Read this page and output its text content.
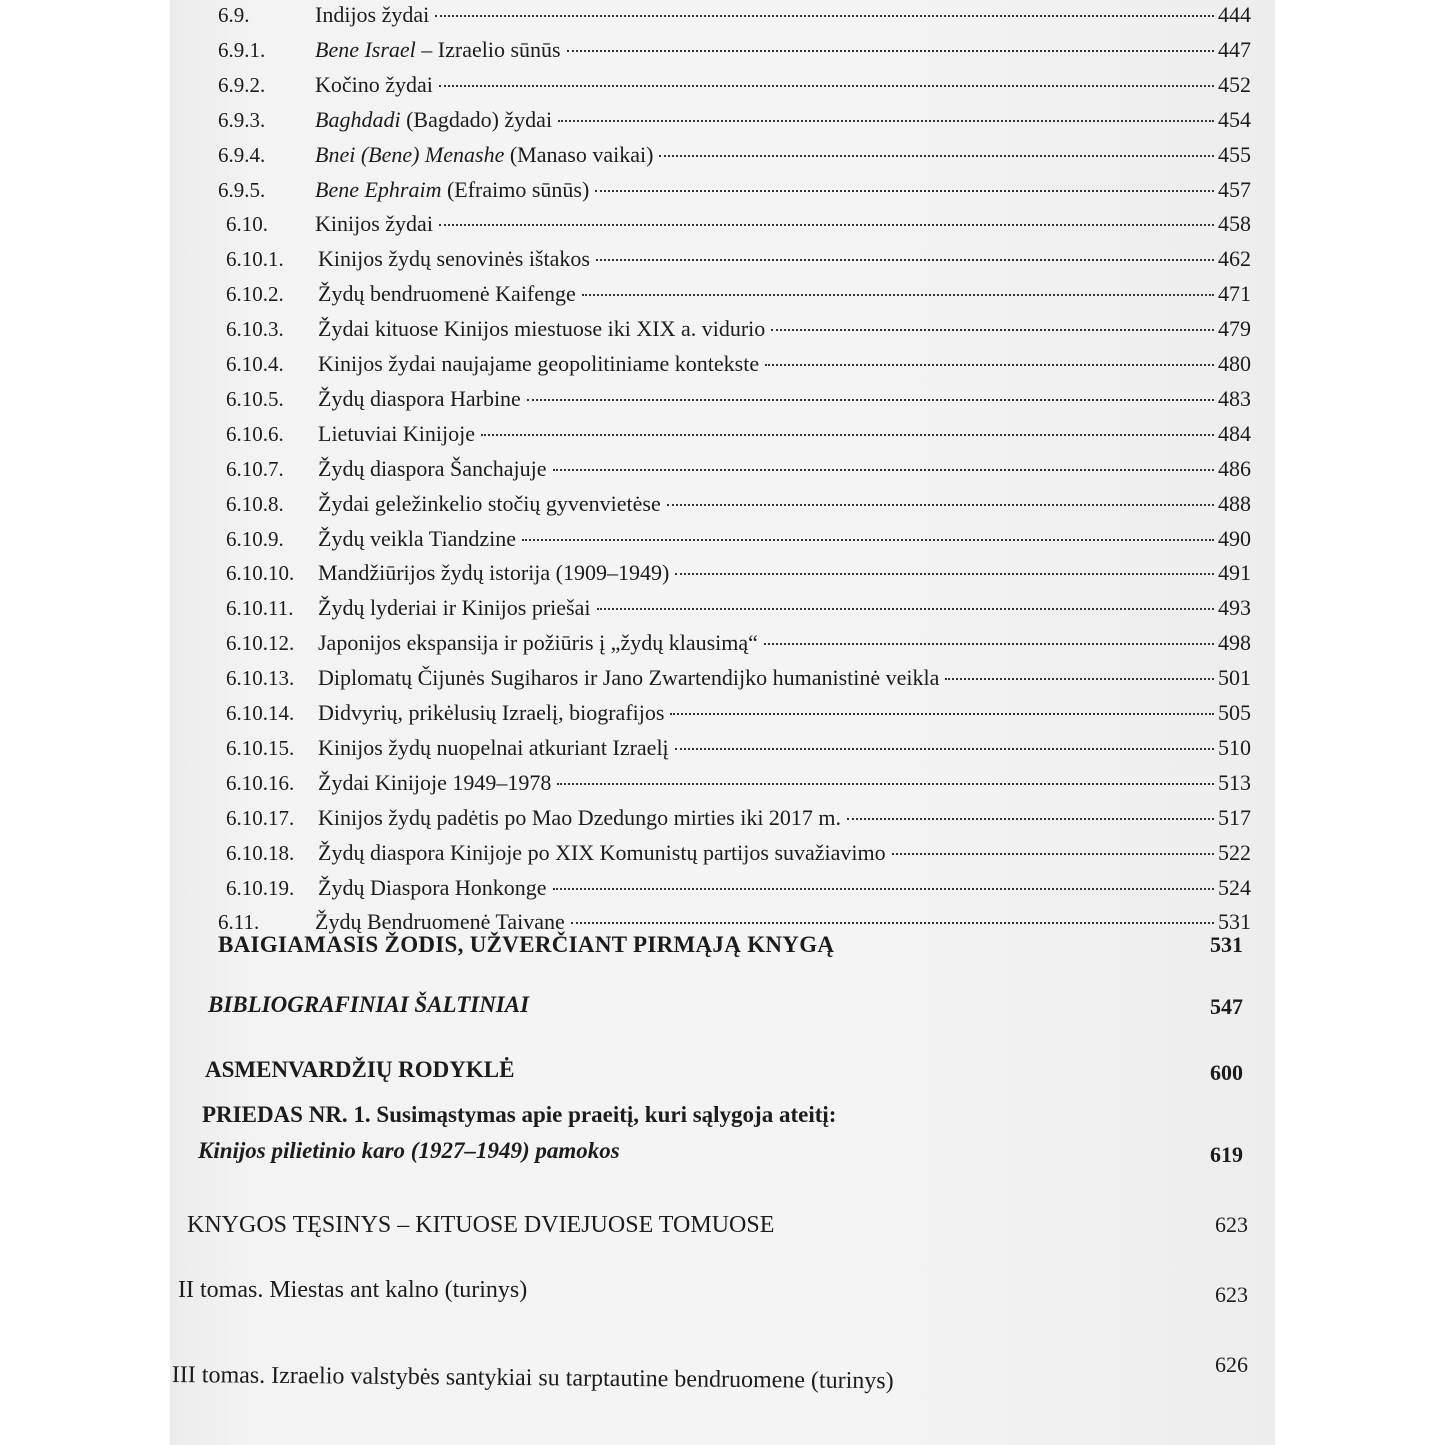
6.9.	Indijos žydai	444
6.9.1. Bene Israel – Izraelio sūnūs	447
6.9.2. Kočino žydai	452
6.9.3. Baghdadi (Bagdado) žydai	454
6.9.4. Bnei (Bene) Menashe (Manaso vaikai)	455
6.9.5. Bene Ephraim (Efraimo sūnūs)	457
6.10. Kinijos žydai	458
6.10.1. Kinijos žydų senovinės ištakos	462
6.10.2. Žydų bendruomenė Kaifenge	471
6.10.3. Žydai kituose Kinijos miestuose iki XIX a. vidurio	479
6.10.4. Kinijos žydai naujajame geopolitiniame kontekste	480
6.10.5. Žydų diaspora Harbine	483
6.10.6. Lietuviai Kinijoje	484
6.10.7. Žydų diaspora Šanchajuje	486
6.10.8. Žydai geležinkelio stočių gyvenvietėse	488
6.10.9. Žydų veikla Tiandzine	490
6.10.10. Mandžiūrijos žydų istorija (1909–1949)	491
6.10.11. Žydų lyderiai ir Kinijos priešai	493
6.10.12. Japonijos ekspansija ir požiūris į „žydų klausimą“	498
6.10.13. Diplomatų Čijunės Sugiharos ir Jano Zwartendijko humanistinė veikla	501
6.10.14. Didvyrių, prikėlusių Izraelį, biografijos	505
6.10.15. Kinijos žydų nuopelnai atkuriant Izraelį	510
6.10.16. Žydai Kinijoje 1949–1978	513
6.10.17. Kinijos žydų padėtis po Mao Dzedungo mirties iki 2017 m.	517
6.10.18. Žydų diaspora Kinijoje po XIX Komunistų partijos suvažiavimo	522
6.10.19. Žydų Diaspora Honkonge	524
6.11.	Žydų Bendruomenė Taivane	531
BAIGIAMASIS ŽODIS, UŽVERČIANT PIRMĄJĄ KNYGĄ	531
BIBLIOGRAFINIAI ŠALTINIAI	547
ASMENVARDŽIŲ RODYKLĖ	600
PRIEDAS NR. 1. Susimąstymas apie praeitį, kuri sąlygoja ateitį:
Kinijos pilietinio karo (1927–1949) pamokos	619
KNYGOS TĘSINYS – KITUOSE DVIEJUOSE TOMUOSE	623
II tomas. Miestas ant kalno (turinys)	623
III tomas. Izraelio valstybės santykiai su tarptautine bendruomene (turinys)	626
